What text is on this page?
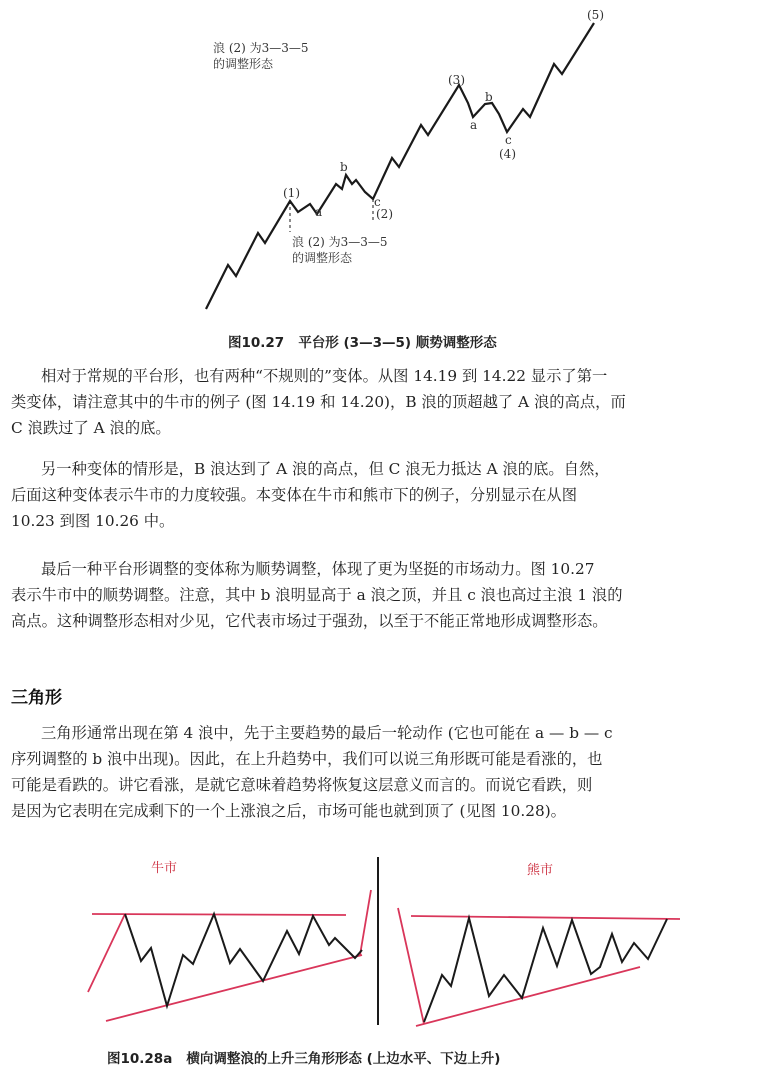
浪 (2) 为3—3—5
的调整形态
浪 (2) 为3—3—5
的调整形态
(1)
a
b
c
(2)
(3)
a
b
c
(4)
(5)
图10.27 平台形 (3—3—5) 顺势调整形态
相对于常规的平台形，也有两种“不规则的”变体。从图 14.19 到 14.22 显示了第一
类变体，请注意其中的牛市的例子 (图 14.19 和 14.20)，B 浪的顶超越了 A 浪的高点，而
C 浪跌过了 A 浪的底。
另一种变体的情形是，B 浪达到了 A 浪的高点，但 C 浪无力抵达 A 浪的底。自然，
后面这种变体表示牛市的力度较强。本变体在牛市和熊市下的例子，分别显示在从图
10.23 到图 10.26 中。
最后一种平台形调整的变体称为顺势调整，体现了更为坚挺的市场动力。图 10.27
表示牛市中的顺势调整。注意，其中 b 浪明显高于 a 浪之顶，并且 c 浪也高过主浪 1 浪的
高点。这种调整形态相对少见，它代表市场过于强劲，以至于不能正常地形成调整形态。
三角形
三角形通常出现在第 4 浪中，先于主要趋势的最后一轮动作 (它也可能在 a — b — c
序列调整的 b 浪中出现)。因此，在上升趋势中，我们可以说三角形既可能是看涨的，也
可能是看跌的。讲它看涨，是就它意味着趋势将恢复这层意义而言的。而说它看跌，则
是因为它表明在完成剩下的一个上涨浪之后，市场可能也就到顶了 (见图 10.28)。
牛市	熊市
图10.28a 横向调整浪的上升三角形形态 (上边水平、下边上升)
